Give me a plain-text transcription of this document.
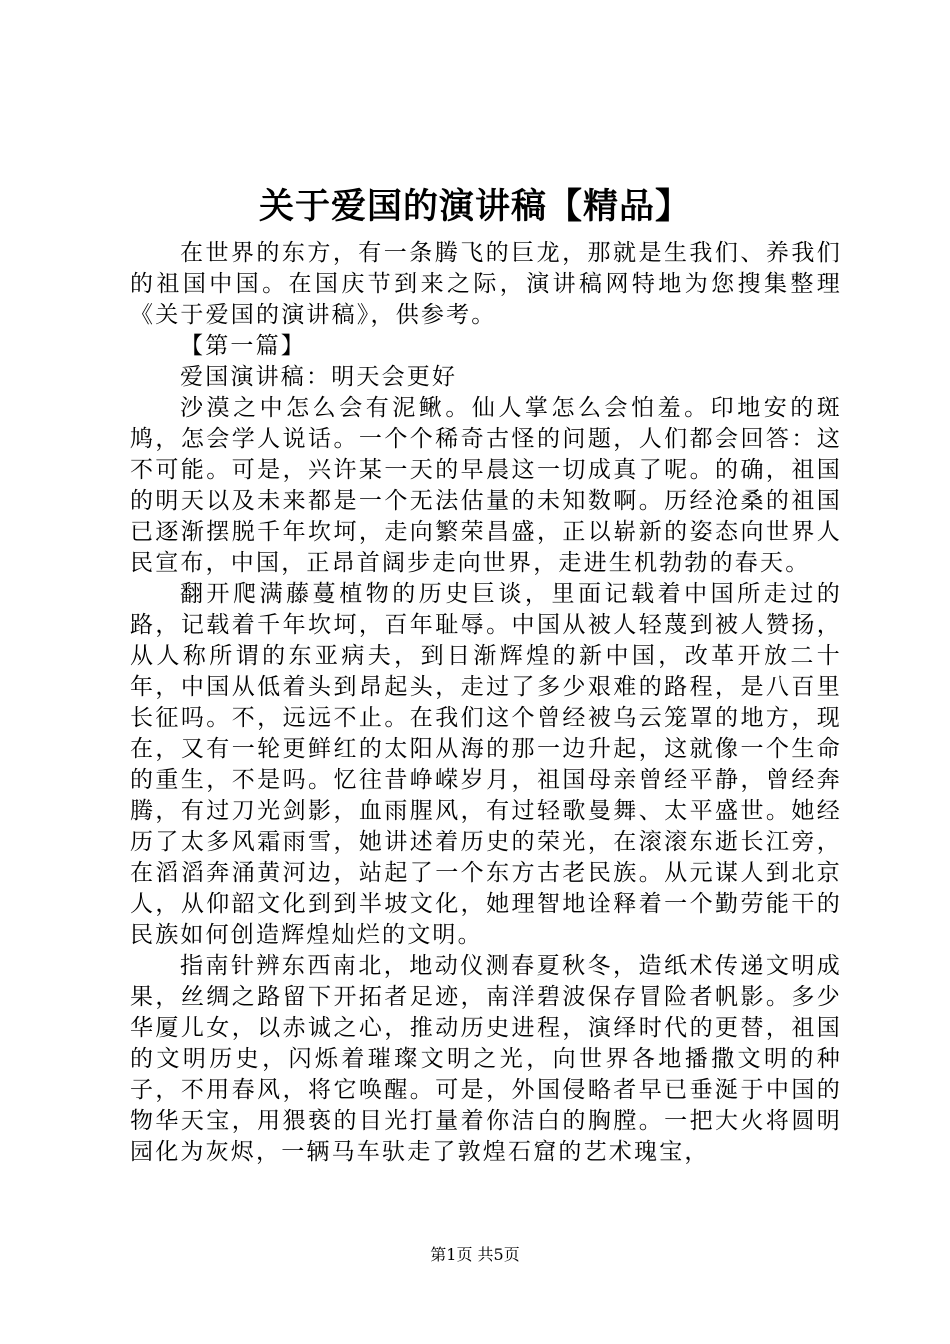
关于爱国的演讲稿【精品】

在世界的东方，有一条腾飞的巨龙，那就是生我们、养我们的祖国中国。在国庆节到来之际，演讲稿网特地为您搜集整理《关于爱国的演讲稿》，供参考。

【第一篇】

爱国演讲稿：明天会更好

沙漠之中怎么会有泥鳅。仙人掌怎么会怕羞。印地安的斑鸠，怎会学人说话。一个个稀奇古怪的问题，人们都会回答：这不可能。可是，兴许某一天的早晨这一切成真了呢。的确，祖国的明天以及未来都是一个无法估量的未知数啊。历经沧桑的祖国已逐渐摆脱千年坎坷，走向繁荣昌盛，正以崭新的姿态向世界人民宣布，中国，正昂首阔步走向世界，走进生机勃勃的春天。

翻开爬满藤蔓植物的历史巨谈，里面记载着中国所走过的路，记载着千年坎坷，百年耻辱。中国从被人轻蔑到被人赞扬，从人称所谓的东亚病夫，到日渐辉煌的新中国，改革开放二十年，中国从低着头到昂起头，走过了多少艰难的路程，是八百里长征吗。不，远远不止。在我们这个曾经被乌云笼罩的地方，现在，又有一轮更鲜红的太阳从海的那一边升起，这就像一个生命的重生，不是吗。忆往昔峥嵘岁月，祖国母亲曾经平静，曾经奔腾，有过刀光剑影，血雨腥风，有过轻歌曼舞、太平盛世。她经历了太多风霜雨雪，她讲述着历史的荣光，在滚滚东逝长江旁，在滔滔奔涌黄河边，站起了一个东方古老民族。从元谋人到北京人，从仰韶文化到到半坡文化，她理智地诠释着一个勤劳能干的民族如何创造辉煌灿烂的文明。

指南针辨东西南北，地动仪测春夏秋冬，造纸术传递文明成果，丝绸之路留下开拓者足迹，南洋碧波保存冒险者帆影。多少华厦儿女，以赤诚之心，推动历史进程，演绎时代的更替，祖国的文明历史，闪烁着璀璨文明之光，向世界各地播撒文明的种子，不用春风，将它唤醒。可是，外国侵略者早已垂涎于中国的物华天宝，用猥亵的目光打量着你洁白的胸膛。一把大火将圆明园化为灰烬，一辆马车驮走了敦煌石窟的艺术瑰宝，

第1页 共5页
